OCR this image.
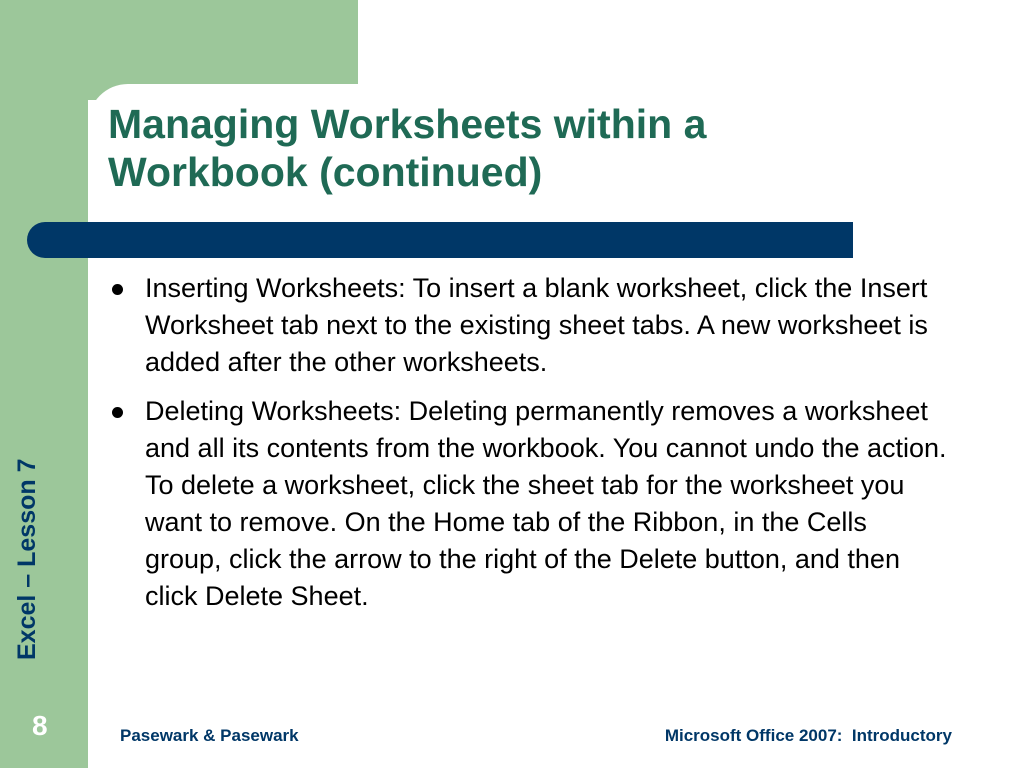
Managing Worksheets within a
Workbook (continued)

Inserting Worksheets: To insert a blank worksheet, click the Insert Worksheet tab next to the existing sheet tabs. A new worksheet is added after the other worksheets.

Deleting Worksheets: Deleting permanently removes a worksheet and all its contents from the workbook. You cannot undo the action. To delete a worksheet, click the sheet tab for the worksheet you want to remove. On the Home tab of the Ribbon, in the Cells group, click the arrow to the right of the Delete button, and then click Delete Sheet.

Excel – Lesson 7
8	Pasewark & Pasewark	Microsoft Office 2007:  Introductory
